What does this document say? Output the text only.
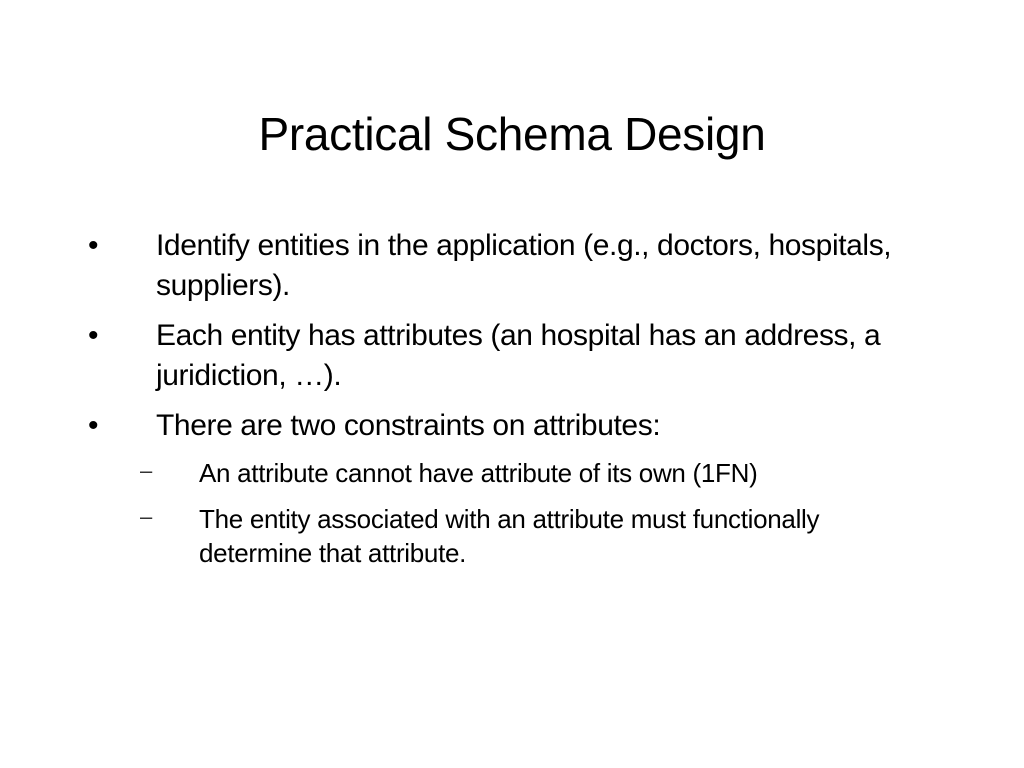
Practical Schema Design
• Identify entities in the application (e.g., doctors, hospitals, suppliers).
• Each entity has attributes (an hospital has an address, a juridiction, …).
• There are two constraints on attributes:
– An attribute cannot have attribute of its own (1FN)
– The entity associated with an attribute must functionally determine that attribute.
